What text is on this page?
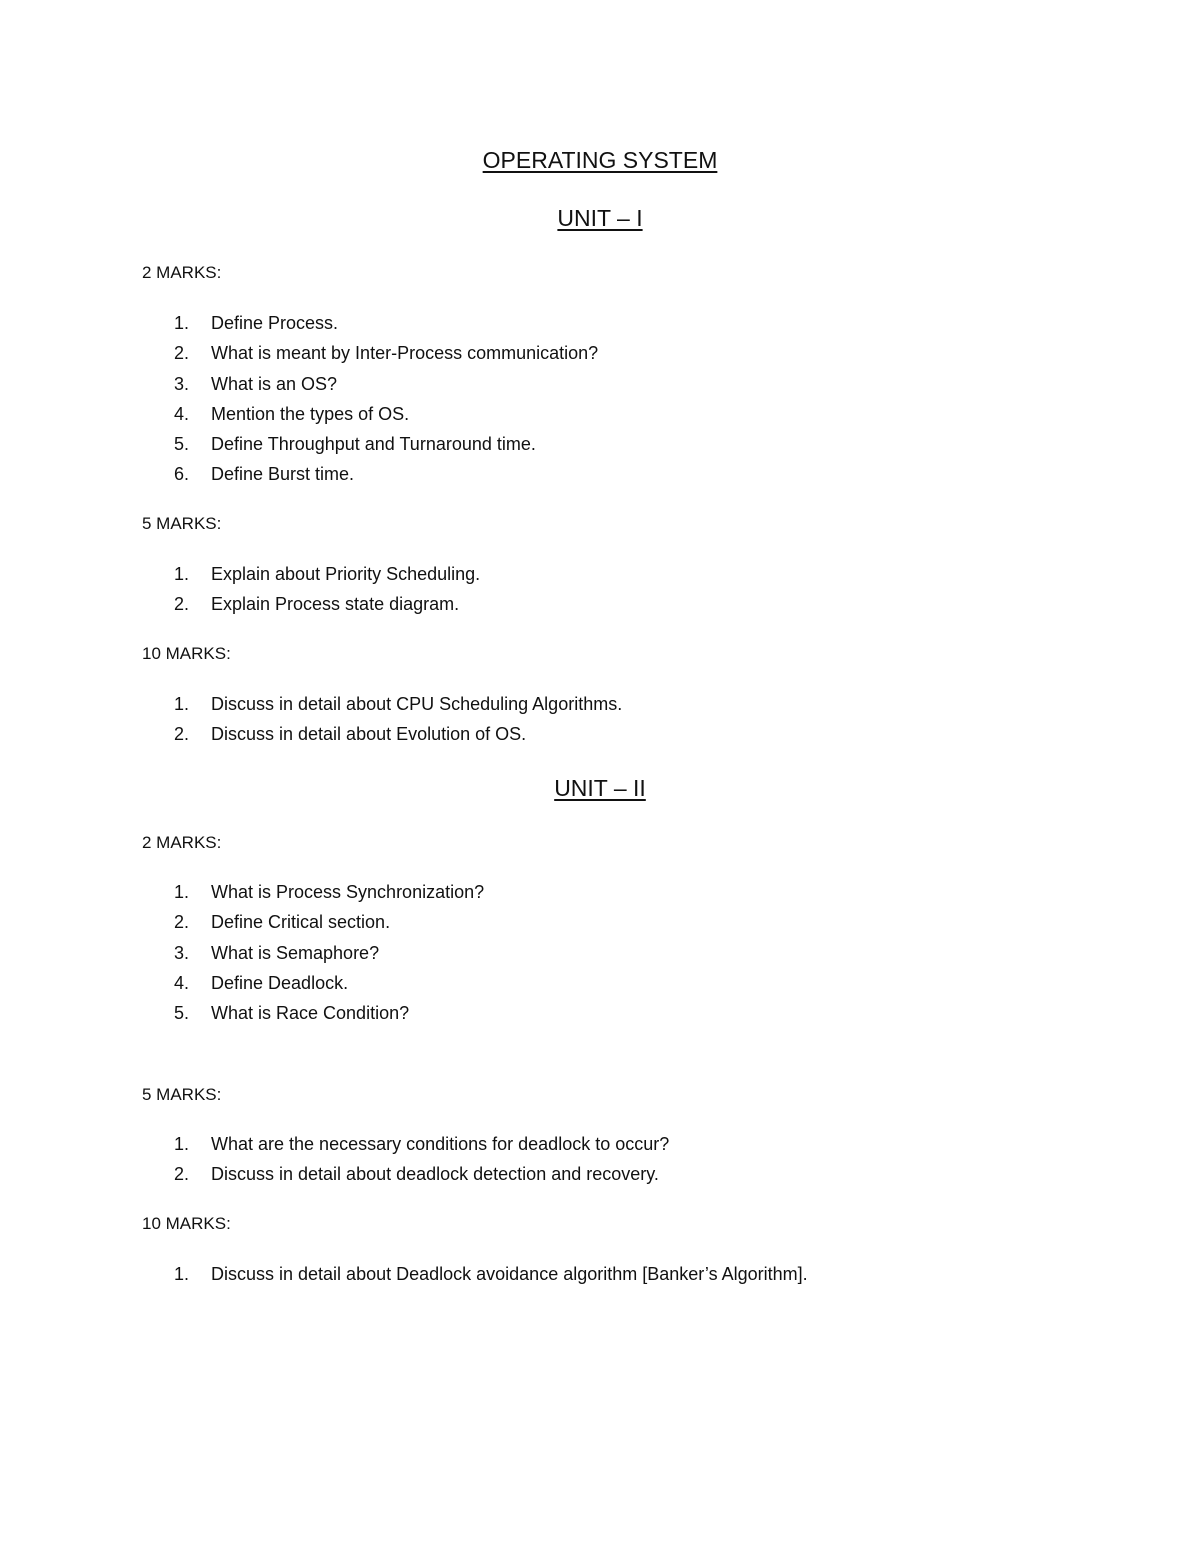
OPERATING SYSTEM
UNIT – I

2 MARKS:

1.	Define Process.
2.	What is meant by Inter-Process communication?
3.	What is an OS?
4.	Mention the types of OS.
5.	Define Throughput and Turnaround time.
6.	Define Burst time.

5 MARKS:

1.	Explain about Priority Scheduling.
2.	Explain Process state diagram.

10 MARKS:

1.	Discuss in detail about CPU Scheduling Algorithms.
2.	Discuss in detail about Evolution of OS.
UNIT – II

2 MARKS:

1.	What is Process Synchronization?
2.	Define Critical section.
3.	What is Semaphore?
4.	Define Deadlock.
5.	What is Race Condition?

5 MARKS:

1.	What are the necessary conditions for deadlock to occur?
2.	Discuss in detail about deadlock detection and recovery.

10 MARKS:

1.	Discuss in detail about Deadlock avoidance algorithm [Banker’s Algorithm].
